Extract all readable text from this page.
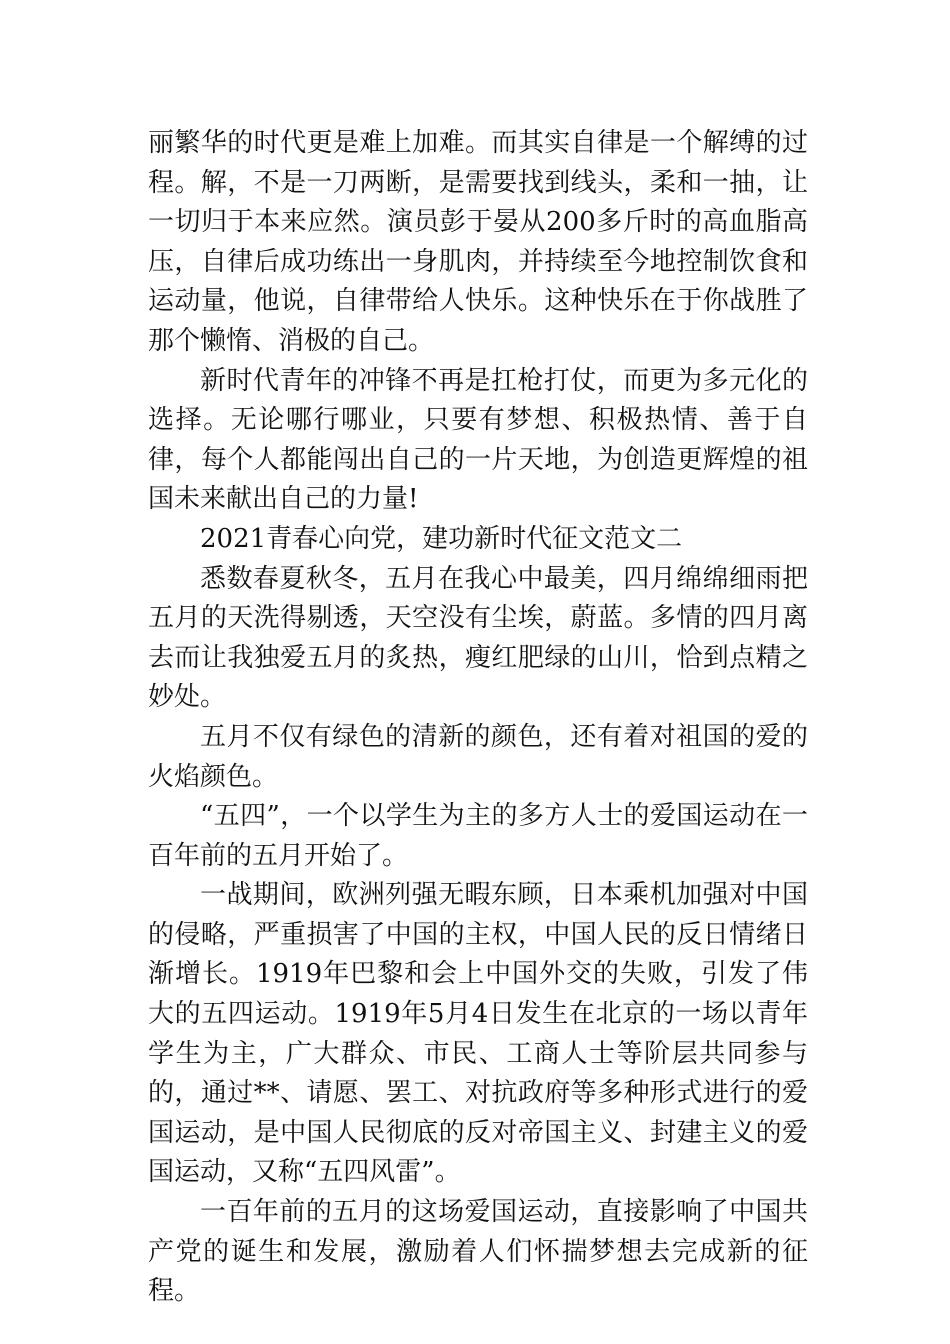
丽繁华的时代更是难上加难。而其实自律是一个解缚的过程。解，不是一刀两断，是需要找到线头，柔和一抽，让一切归于本来应然。演员彭于晏从200多斤时的高血脂高压，自律后成功练出一身肌肉，并持续至今地控制饮食和运动量，他说，自律带给人快乐。这种快乐在于你战胜了那个懒惰、消极的自己。

新时代青年的冲锋不再是扛枪打仗，而更为多元化的选择。无论哪行哪业，只要有梦想、积极热情、善于自律，每个人都能闯出自己的一片天地，为创造更辉煌的祖国未来献出自己的力量!

2021青春心向党，建功新时代征文范文二

悉数春夏秋冬，五月在我心中最美，四月绵绵细雨把五月的天洗得剔透，天空没有尘埃，蔚蓝。多情的四月离去而让我独爱五月的炙热，瘦红肥绿的山川，恰到点精之妙处。

五月不仅有绿色的清新的颜色，还有着对祖国的爱的火焰颜色。

“五四”，一个以学生为主的多方人士的爱国运动在一百年前的五月开始了。

一战期间，欧洲列强无暇东顾，日本乘机加强对中国的侵略，严重损害了中国的主权，中国人民的反日情绪日渐增长。1919年巴黎和会上中国外交的失败，引发了伟大的五四运动。1919年5月4日发生在北京的一场以青年学生为主，广大群众、市民、工商人士等阶层共同参与的，通过**、请愿、罢工、对抗政府等多种形式进行的爱国运动，是中国人民彻底的反对帝国主义、封建主义的爱国运动，又称“五四风雷”。

一百年前的五月的这场爱国运动，直接影响了中国共产党的诞生和发展，激励着人们怀揣梦想去完成新的征程。
